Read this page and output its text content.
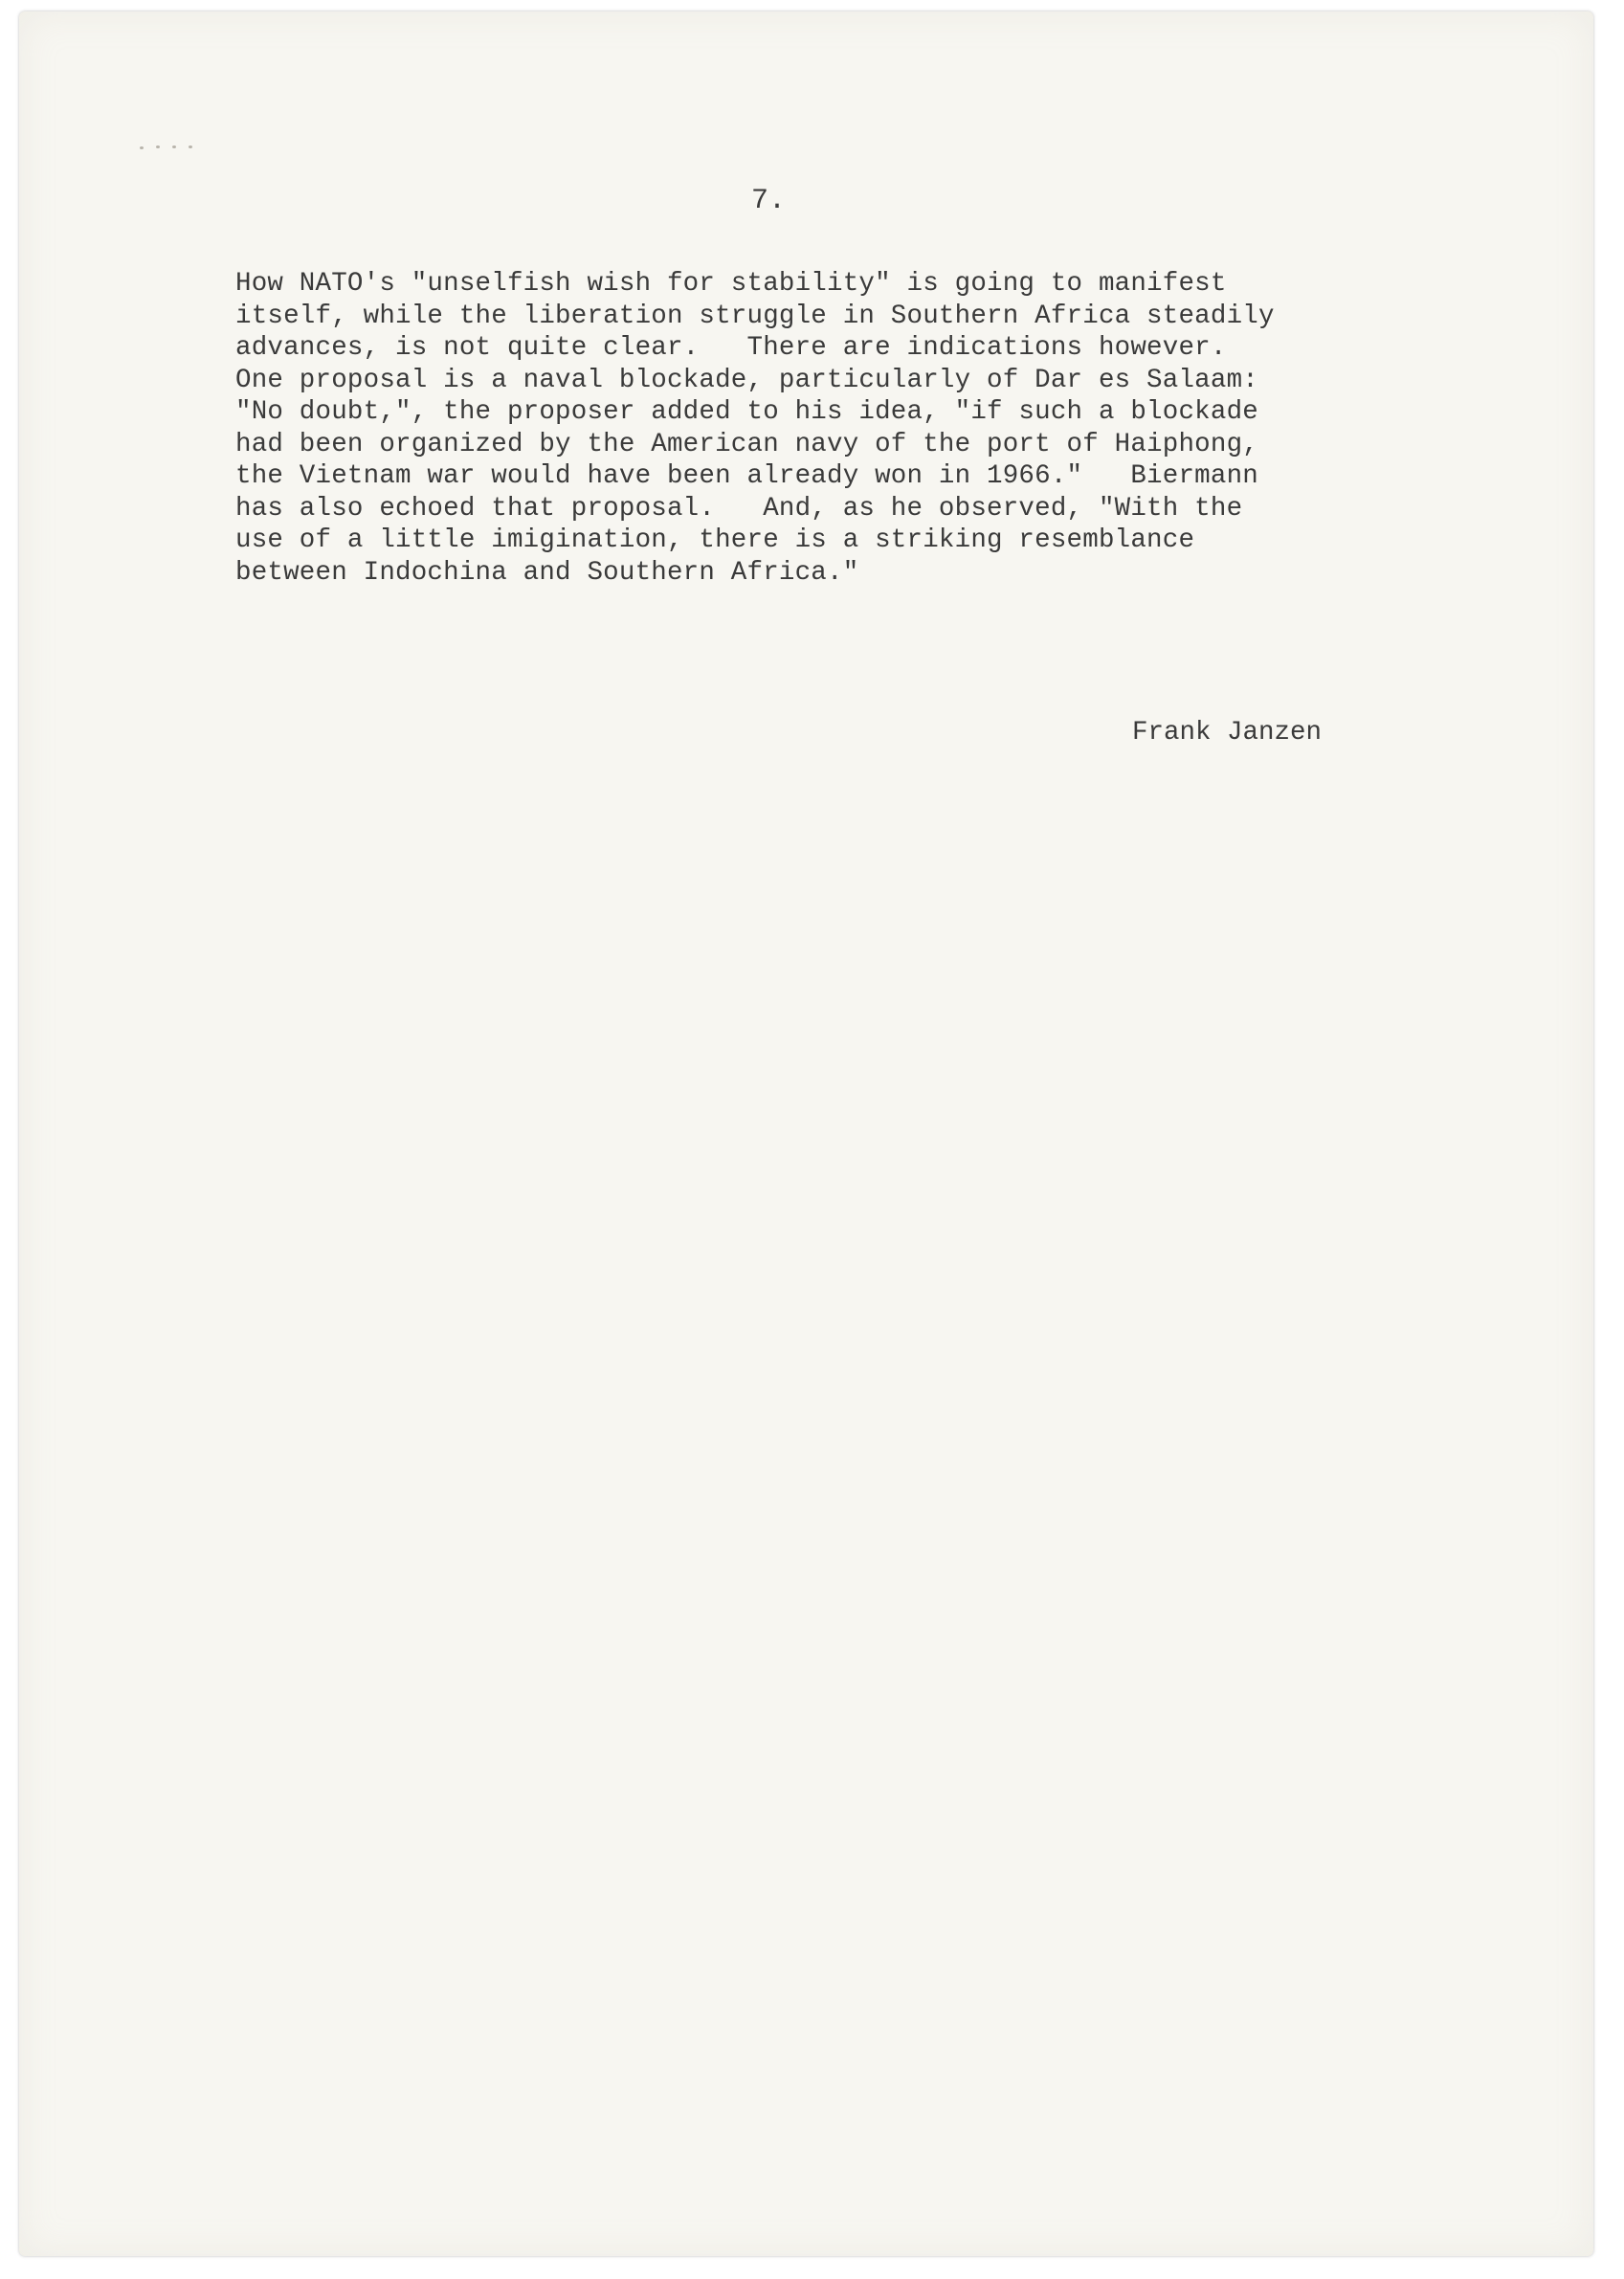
7.
How NATO's "unselfish wish for stability" is going to manifest
itself, while the liberation struggle in Southern Africa steadily
advances, is not quite clear.   There are indications however.
One proposal is a naval blockade, particularly of Dar es Salaam:
"No doubt,", the proposer added to his idea, "if such a blockade
had been organized by the American navy of the port of Haiphong,
the Vietnam war would have been already won in 1966."   Biermann
has also echoed that proposal.   And, as he observed, "With the
use of a little imigination, there is a striking resemblance
between Indochina and Southern Africa."
Frank Janzen
